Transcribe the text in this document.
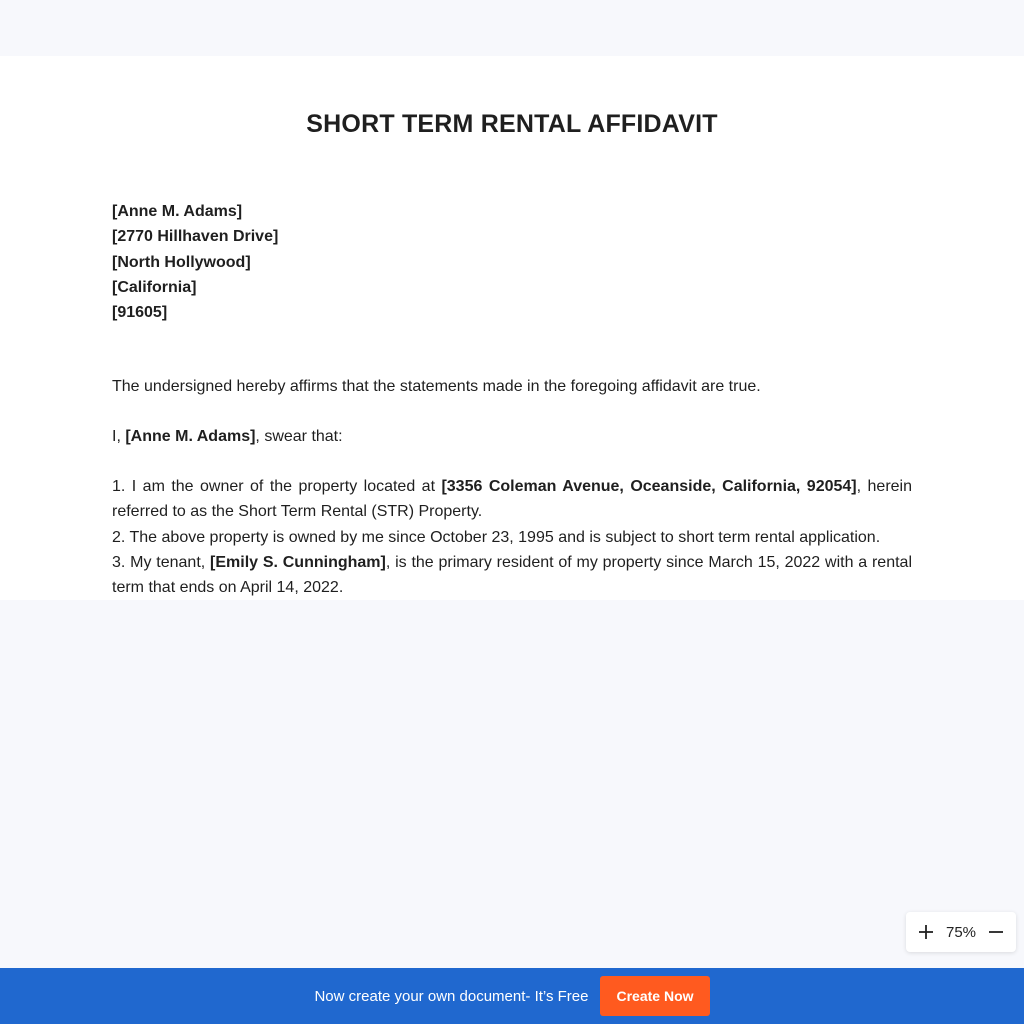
SHORT TERM RENTAL AFFIDAVIT
[Anne M. Adams]
[2770 Hillhaven Drive]
[North Hollywood]
[California]
[91605]

The undersigned hereby affirms that the statements made in the foregoing affidavit are true.

I, [Anne M. Adams], swear that:

1. I am the owner of the property located at [3356 Coleman Avenue, Oceanside, California, 92054], herein referred to as the Short Term Rental (STR) Property.

2. The above property is owned by me since October 23, 1995 and is subject to short term rental application.

3. My tenant, [Emily S. Cunningham], is the primary resident of my property since March 15, 2022 with a rental term that ends on April 14, 2022.

75%
Now create your own document- It’s Free	Create Now
